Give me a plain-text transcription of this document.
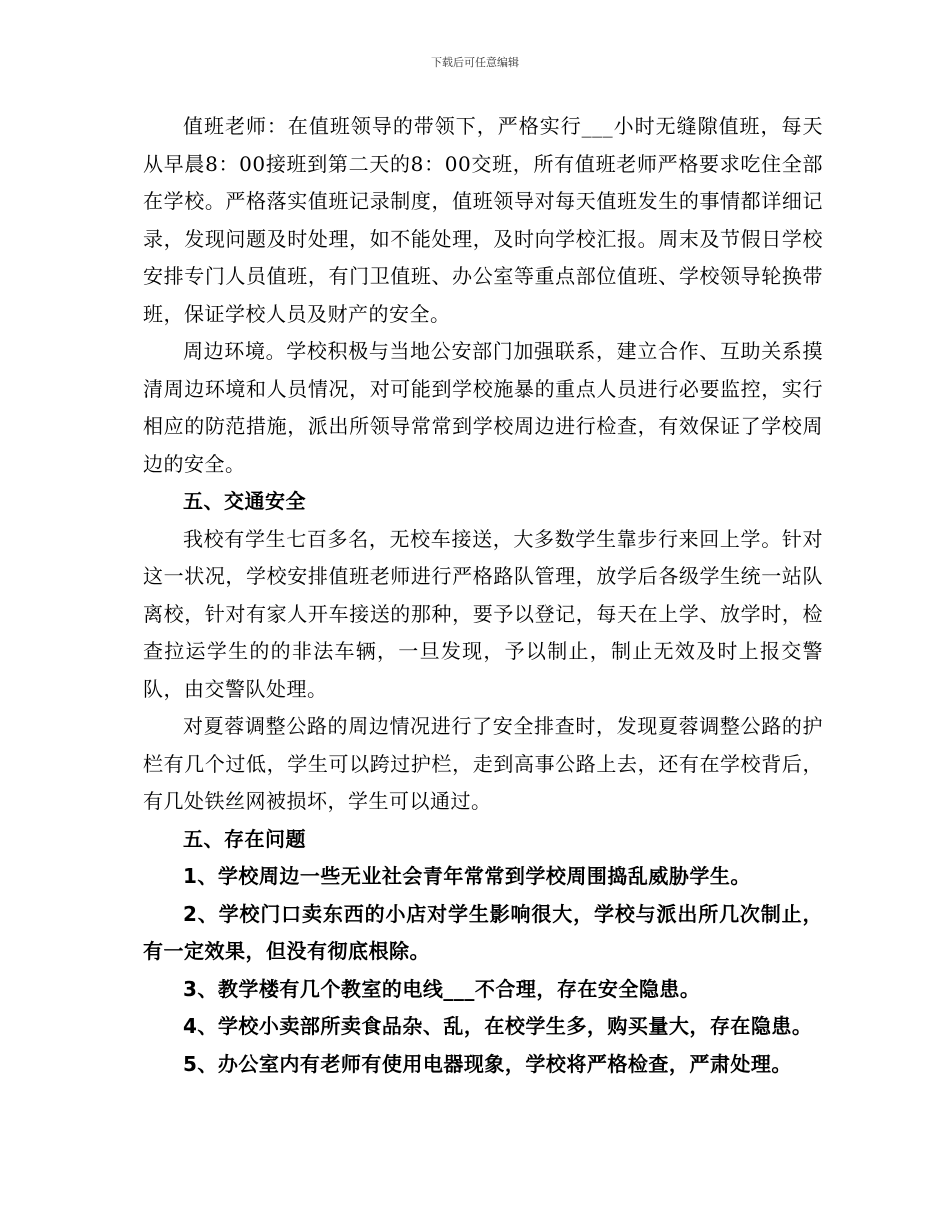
下载后可任意编辑

值班老师：在值班领导的带领下，严格实行___小时无缝隙值班，每天从早晨8：00接班到第二天的8：00交班，所有值班老师严格要求吃住全部在学校。严格落实值班记录制度，值班领导对每天值班发生的事情都详细记录，发现问题及时处理，如不能处理，及时向学校汇报。周末及节假日学校安排专门人员值班，有门卫值班、办公室等重点部位值班、学校领导轮换带班，保证学校人员及财产的安全。

周边环境。学校积极与当地公安部门加强联系，建立合作、互助关系摸清周边环境和人员情况，对可能到学校施暴的重点人员进行必要监控，实行相应的防范措施，派出所领导常常到学校周边进行检查，有效保证了学校周边的安全。

五、交通安全

我校有学生七百多名，无校车接送，大多数学生靠步行来回上学。针对这一状况，学校安排值班老师进行严格路队管理，放学后各级学生统一站队离校，针对有家人开车接送的那种，要予以登记，每天在上学、放学时，检查拉运学生的的非法车辆，一旦发现，予以制止，制止无效及时上报交警队，由交警队处理。

对夏蓉调整公路的周边情况进行了安全排查时，发现夏蓉调整公路的护栏有几个过低，学生可以跨过护栏，走到高事公路上去，还有在学校背后，有几处铁丝网被损坏，学生可以通过。

五、存在问题

1、学校周边一些无业社会青年常常到学校周围捣乱威胁学生。

2、学校门口卖东西的小店对学生影响很大，学校与派出所几次制止，有一定效果，但没有彻底根除。

3、教学楼有几个教室的电线___不合理，存在安全隐患。

4、学校小卖部所卖食品杂、乱，在校学生多，购买量大，存在隐患。

5、办公室内有老师有使用电器现象，学校将严格检查，严肃处理。
